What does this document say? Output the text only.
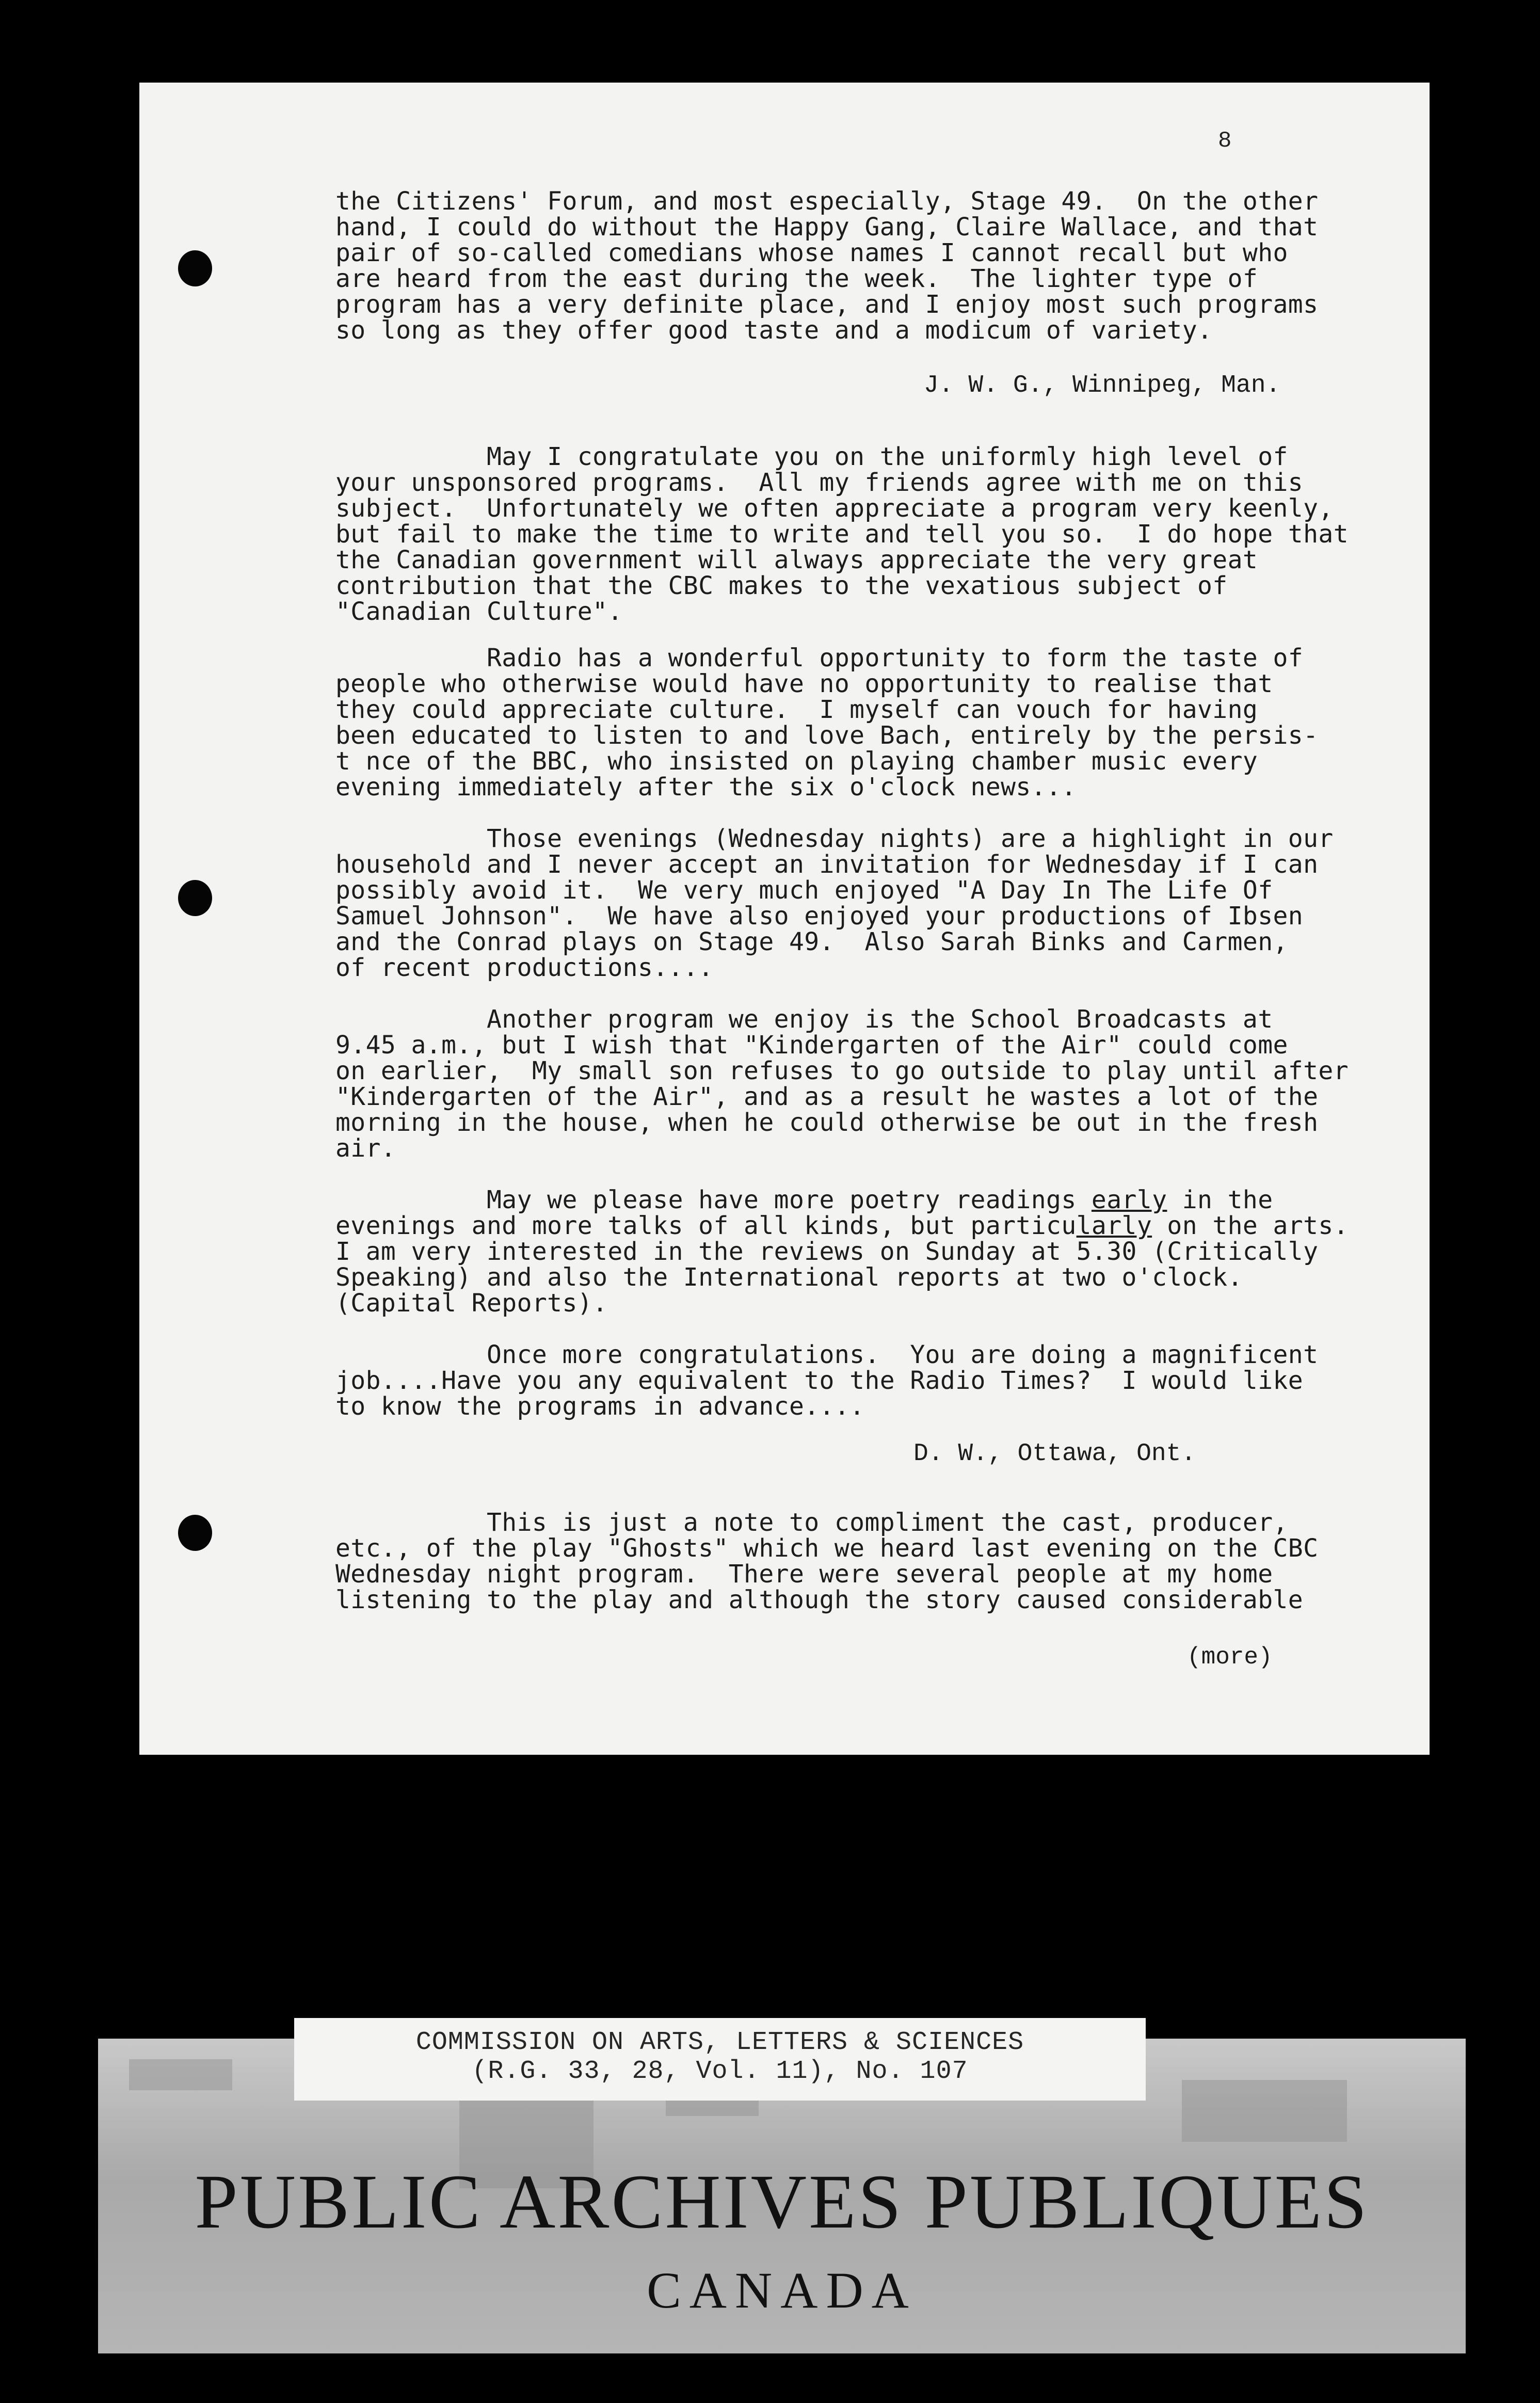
8
the Citizens' Forum, and most especially, Stage 49.  On the other
hand, I could do without the Happy Gang, Claire Wallace, and that
pair of so-called comedians whose names I cannot recall but who
are heard from the east during the week.  The lighter type of
program has a very definite place, and I enjoy most such programs
so long as they offer good taste and a modicum of variety.
J. W. G., Winnipeg, Man.
May I congratulate you on the uniformly high level of
your unsponsored programs.  All my friends agree with me on this
subject.  Unfortunately we often appreciate a program very keenly,
but fail to make the time to write and tell you so.  I do hope that
the Canadian government will always appreciate the very great
contribution that the CBC makes to the vexatious subject of
"Canadian Culture".
Radio has a wonderful opportunity to form the taste of
people who otherwise would have no opportunity to realise that
they could appreciate culture.  I myself can vouch for having
been educated to listen to and love Bach, entirely by the persis-
t nce of the BBC, who insisted on playing chamber music every
evening immediately after the six o'clock news...
Those evenings (Wednesday nights) are a highlight in our
household and I never accept an invitation for Wednesday if I can
possibly avoid it.  We very much enjoyed "A Day In The Life Of
Samuel Johnson".  We have also enjoyed your productions of Ibsen
and the Conrad plays on Stage 49.  Also Sarah Binks and Carmen,
of recent productions....
Another program we enjoy is the School Broadcasts at
9.45 a.m., but I wish that "Kindergarten of the Air" could come
on earlier,  My small son refuses to go outside to play until after
"Kindergarten of the Air", and as a result he wastes a lot of the
morning in the house, when he could otherwise be out in the fresh
air.
May we please have more poetry readings early in the
evenings and more talks of all kinds, but particularly on the arts.
I am very interested in the reviews on Sunday at 5.30 (Critically
Speaking) and also the International reports at two o'clock.
(Capital Reports).
Once more congratulations.  You are doing a magnificent
job....Have you any equivalent to the Radio Times?  I would like
to know the programs in advance....
D. W., Ottawa, Ont.
This is just a note to compliment the cast, producer,
etc., of the play "Ghosts" which we heard last evening on the CBC
Wednesday night program.  There were several people at my home
listening to the play and although the story caused considerable
(more)
COMMISSION ON ARTS, LETTERS & SCIENCES
(R.G. 33, 28, Vol. 11), No. 107
PUBLIC ARCHIVES PUBLIQUES
CANADA
